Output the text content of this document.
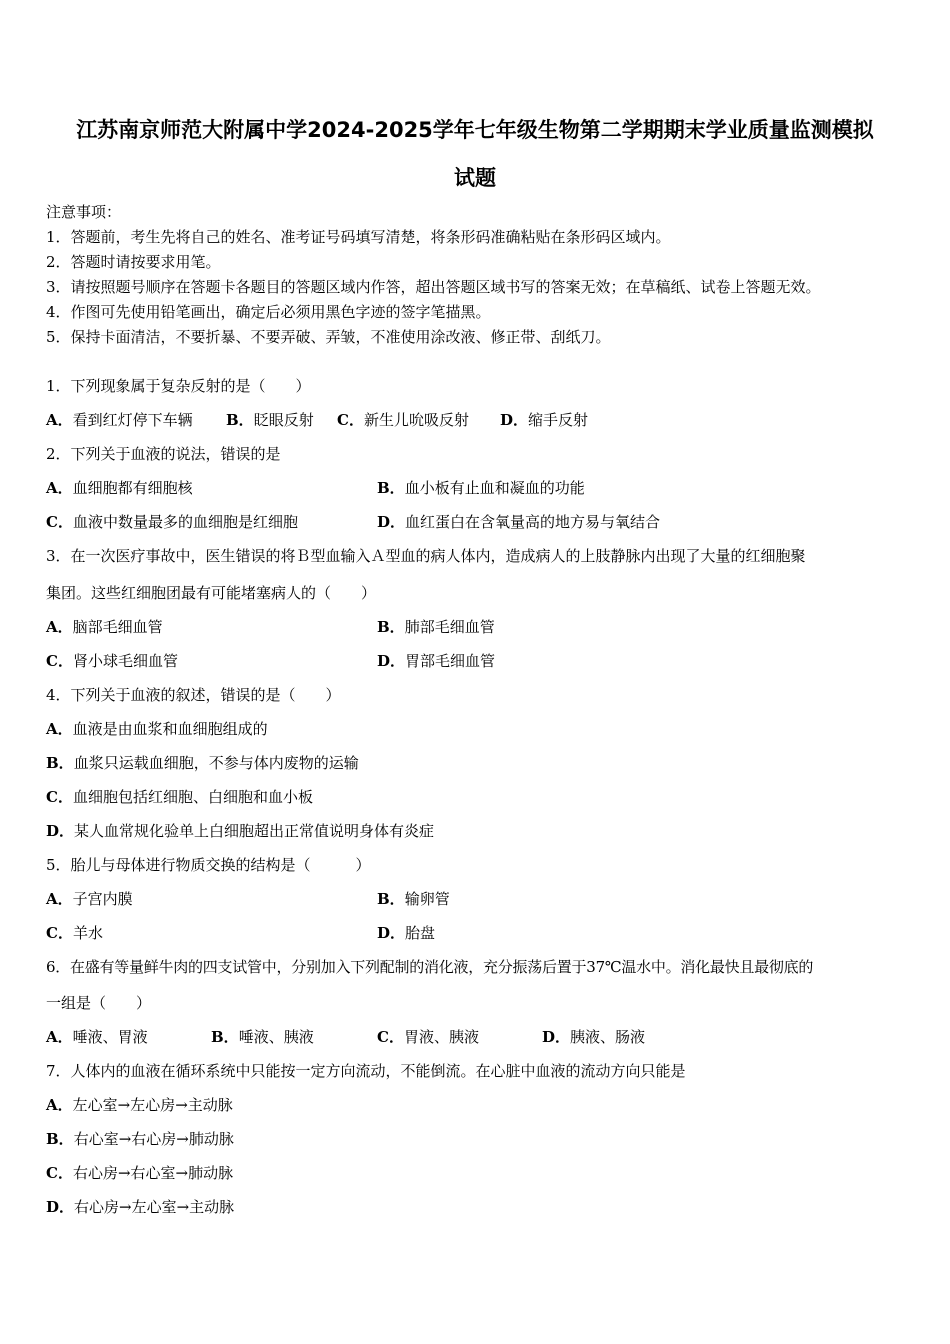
江苏南京师范大附属中学2024-2025学年七年级生物第二学期期末学业质量监测模拟
试题
注意事项：
1．答题前，考生先将自己的姓名、准考证号码填写清楚，将条形码准确粘贴在条形码区域内。
2．答题时请按要求用笔。
3．请按照题号顺序在答题卡各题目的答题区域内作答，超出答题区域书写的答案无效；在草稿纸、试卷上答题无效。
4．作图可先使用铅笔画出，确定后必须用黑色字迹的签字笔描黑。
5．保持卡面清洁，不要折暴、不要弄破、弄皱，不准使用涂改液、修正带、刮纸刀。
1．下列现象属于复杂反射的是（　　）
A．看到红灯停下车辆 B．眨眼反射 C．新生儿吮吸反射 D．缩手反射
2．下列关于血液的说法，错误的是
A．血细胞都有细胞核	B．血小板有止血和凝血的功能
C．血液中数量最多的血细胞是红细胞	D．血红蛋白在含氧量高的地方易与氧结合
3．在一次医疗事故中，医生错误的将Ｂ型血输入Ａ型血的病人体内，造成病人的上肢静脉内出现了大量的红细胞聚
集团。这些红细胞团最有可能堵塞病人的（　　）
A．脑部毛细血管	B．肺部毛细血管
C．肾小球毛细血管	D．胃部毛细血管
4．下列关于血液的叙述，错误的是（　　）
A．血液是由血浆和血细胞组成的
B．血浆只运载血细胞，不参与体内废物的运输
C．血细胞包括红细胞、白细胞和血小板
D．某人血常规化验单上白细胞超出正常值说明身体有炎症
5．胎儿与母体进行物质交换的结构是（　　　）
A．子宫内膜	B．输卵管
C．羊水	D．胎盘
6．在盛有等量鲜牛肉的四支试管中，分别加入下列配制的消化液，充分振荡后置于37℃温水中。消化最快且最彻底的
一组是（　　）
A．唾液、胃液	B．唾液、胰液	C．胃液、胰液	D．胰液、肠液
7．人体内的血液在循环系统中只能按一定方向流动，不能倒流。在心脏中血液的流动方向只能是
A．左心室→左心房→主动脉
B．右心室→右心房→肺动脉
C．右心房→右心室→肺动脉
D．右心房→左心室→主动脉
